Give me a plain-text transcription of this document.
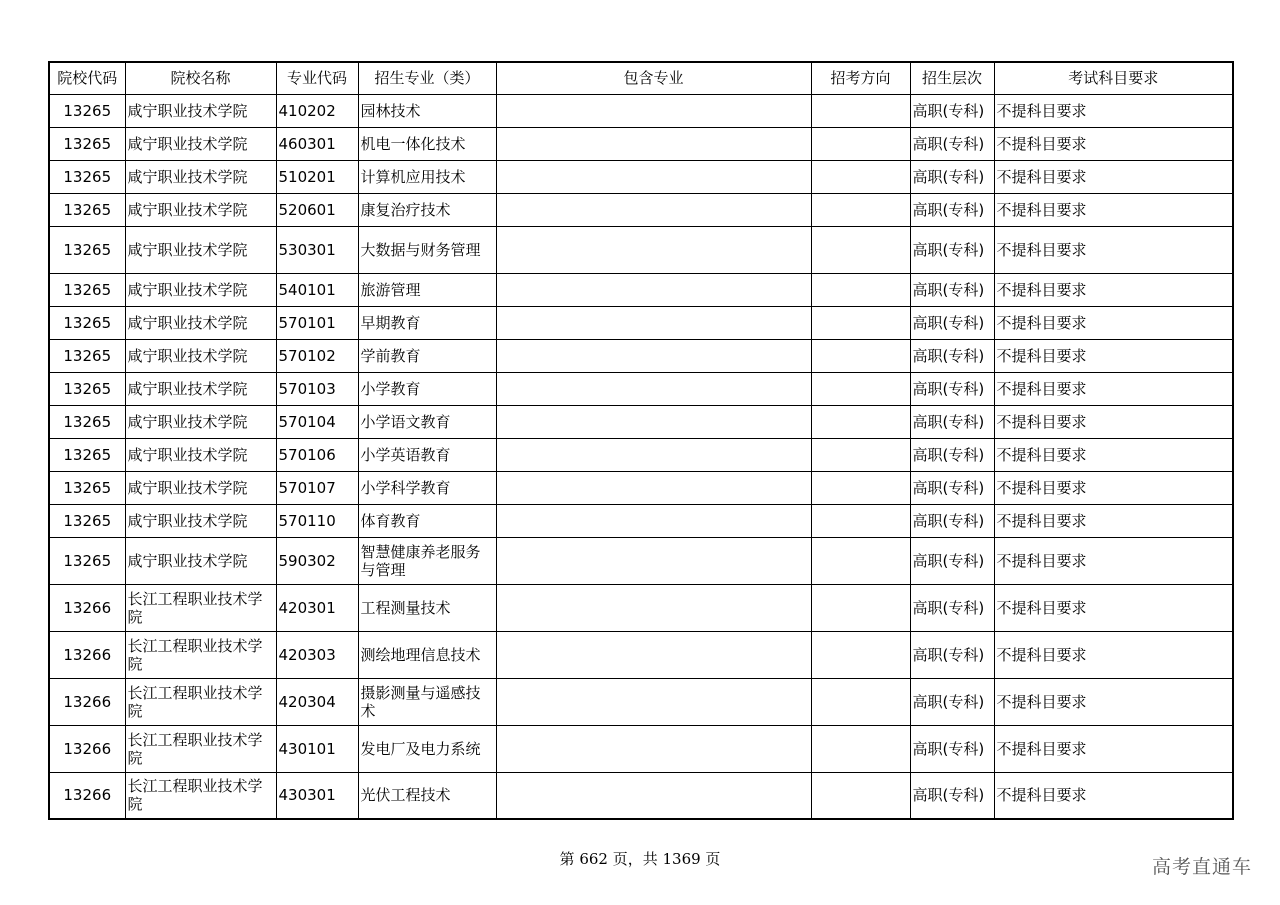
院校代码	院校名称	专业代码	招生专业（类）	包含专业	招考方向	招生层次	考试科目要求
13265	咸宁职业技术学院	410202	园林技术			高职(专科)	不提科目要求
13265	咸宁职业技术学院	460301	机电一体化技术			高职(专科)	不提科目要求
13265	咸宁职业技术学院	510201	计算机应用技术			高职(专科)	不提科目要求
13265	咸宁职业技术学院	520601	康复治疗技术			高职(专科)	不提科目要求
13265	咸宁职业技术学院	530301	大数据与财务管理			高职(专科)	不提科目要求
13265	咸宁职业技术学院	540101	旅游管理			高职(专科)	不提科目要求
13265	咸宁职业技术学院	570101	早期教育			高职(专科)	不提科目要求
13265	咸宁职业技术学院	570102	学前教育			高职(专科)	不提科目要求
13265	咸宁职业技术学院	570103	小学教育			高职(专科)	不提科目要求
13265	咸宁职业技术学院	570104	小学语文教育			高职(专科)	不提科目要求
13265	咸宁职业技术学院	570106	小学英语教育			高职(专科)	不提科目要求
13265	咸宁职业技术学院	570107	小学科学教育			高职(专科)	不提科目要求
13265	咸宁职业技术学院	570110	体育教育			高职(专科)	不提科目要求
13265	咸宁职业技术学院	590302	智慧健康养老服务与管理			高职(专科)	不提科目要求
13266	长江工程职业技术学院	420301	工程测量技术			高职(专科)	不提科目要求
13266	长江工程职业技术学院	420303	测绘地理信息技术			高职(专科)	不提科目要求
13266	长江工程职业技术学院	420304	摄影测量与遥感技术			高职(专科)	不提科目要求
13266	长江工程职业技术学院	430101	发电厂及电力系统			高职(专科)	不提科目要求
13266	长江工程职业技术学院	430301	光伏工程技术			高职(专科)	不提科目要求
第 662 页，共 1369 页	高考直通车
